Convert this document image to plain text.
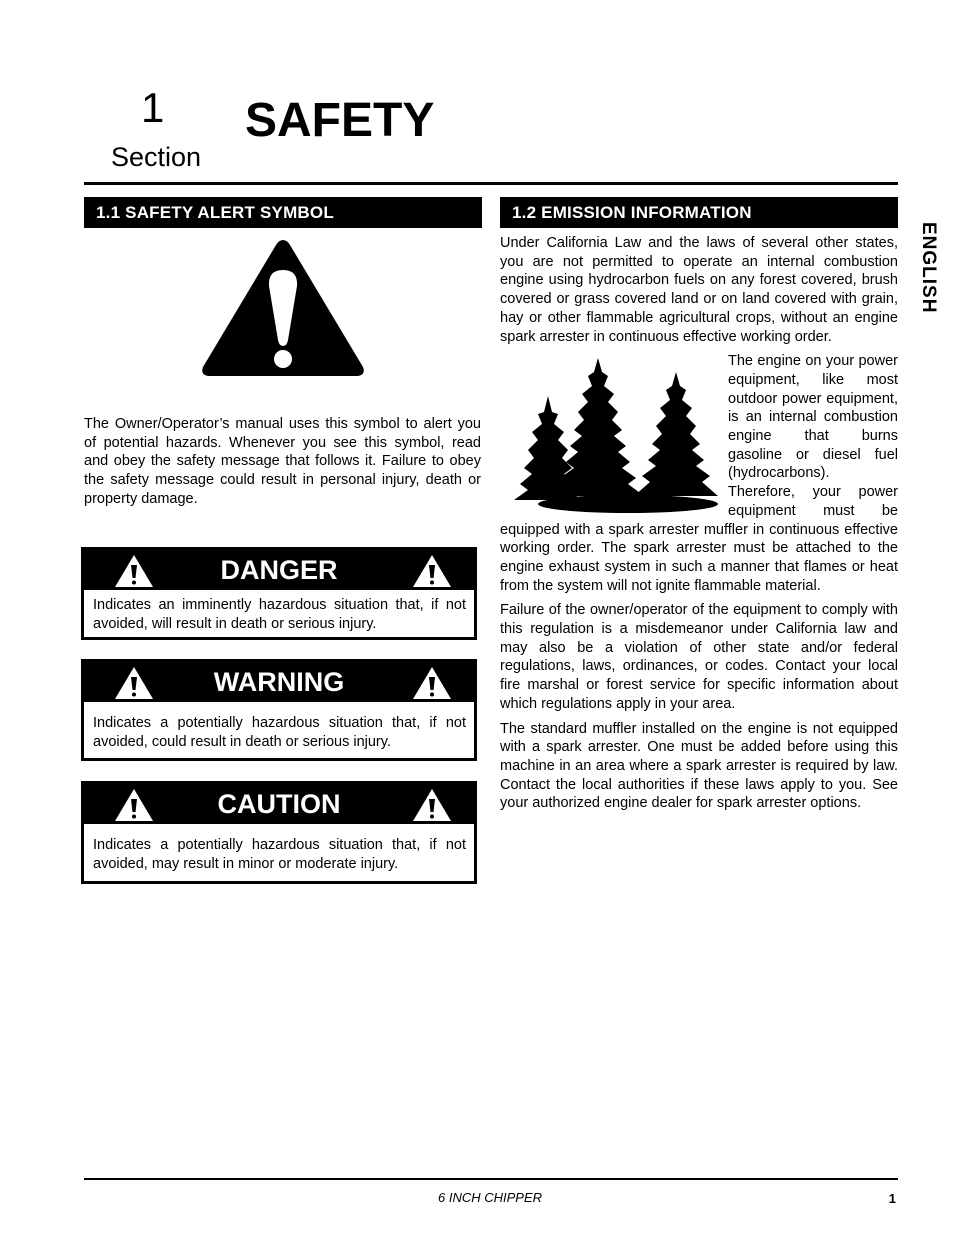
1
Section
SAFETY
ENGLISH
1.1 SAFETY ALERT SYMBOL

The Owner/Operator’s manual uses this symbol to alert you of potential hazards. Whenever you see this symbol, read and obey the safety message that follows it. Failure to obey the safety message could result in personal injury, death or property damage.

DANGER
Indicates an imminently hazardous situation that, if not avoided, will result in death or serious injury.
WARNING
Indicates a potentially hazardous situation that, if not avoided, could result in death or serious injury.
CAUTION
Indicates a potentially hazardous situation that, if not avoided, may result in minor or moderate injury.
1.2 EMISSION INFORMATION

Under California Law and the laws of several other states, you are not permitted to operate an internal combustion engine using hydrocarbon fuels on any forest covered, brush covered or grass covered land or on land covered with grain, hay or other flammable agricultural crops, without an engine spark arrester in continuous effective working order.

The engine on your power equipment, like most outdoor power equipment, is an internal combustion engine that burns gasoline or diesel fuel (hydrocarbons). Therefore, your power equipment must be equipped with a spark arrester muffler in continuous effective working order. The spark arrester must be attached to the engine exhaust system in such a manner that flames or heat from the system will not ignite flammable material.

Failure of the owner/operator of the equipment to comply with this regulation is a misdemeanor under California law and may also be a violation of other state and/or federal regulations, laws, ordinances, or codes. Contact your local fire marshal or forest service for specific information about which regulations apply in your area.

The standard muffler installed on the engine is not equipped with a spark arrester. One must be added before using this machine in an area where a spark arrester is required by law. Contact the local authorities if these laws apply to you. See your authorized engine dealer for spark arrester options.

6 INCH CHIPPER	1
